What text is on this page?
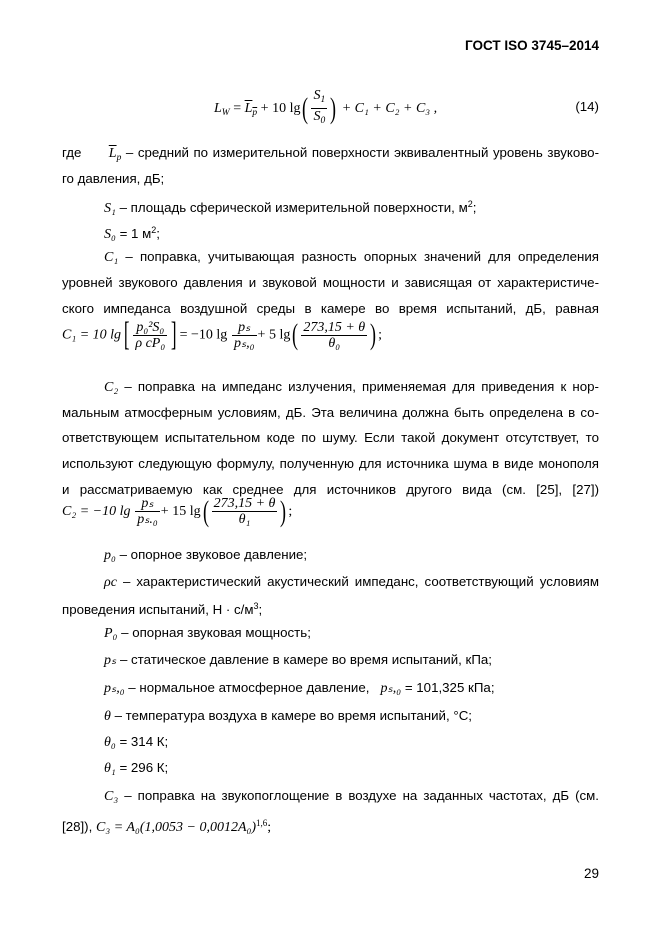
ГОСТ ISO 3745–2014
$L_W = \overline{L}_{\overline{p}} + 10$ $\lg( \frac{S_1}{S_0}$ ) + C₁ + C₂ + C₃ ,	(14)
где $\overline{L}_p$ – средний по измерительной поверхности эквивалентный уровень звуково-
го давления, дБ;
S₁ – площадь сферической измерительной поверхности, $м^2$;
S₀ = 1 $м^2$;
C₁ – поправка, учитывающая разность опорных значений для определения
уровней звукового давления и звуковой мощности и зависящая от характеристиче-
ского импеданса воздушной среды в камере во время испытаний, дБ, равная
C₁ = 10 $\lg[ \frac{\text{p₀²S₀}}{\text{ρ cP₀}}$ ] = −10 $\lg \frac{\text{pₛ}}{\text{pₛ,₀}} + 5$ $\lg( \frac{273,15 + \theta}{\text{θ₀}}$ ) ;
C₂ – поправка на импеданс излучения, применяемая для приведения к нор-
мальным атмосферным условиям, дБ. Эта величина должна быть определена в со-
ответствующем испытательном коде по шуму. Если такой документ отсутствует, то
используют следующую формулу, полученную для источника шума в виде монополя
и рассматриваемую как среднее для источников другого вида (см. [25], [27])
C₂ = −10 $\lg \frac{\text{pₛ}}{\text{pₛ.₀}} + 15$ $\lg( \frac{273,15 + \theta}{\text{θ₁}}$ ) ;
p₀ – опорное звуковое давление;
ρc – характеристический акустический импеданс, соответствующий условиям
проведения испытаний, $Н \cdot с/м^3$;
P₀ – опорная звуковая мощность;
pₛ – статическое давление в камере во время испытаний, кПа;
pₛ,₀ – нормальное атмосферное давление, pₛ,₀ = 101,325 кПа;
θ – температура воздуха в камере во время испытаний, °С;
θ₀ = 314 К;
θ₁ = 296 К;
C₃ – поправка на звукопоглощение в воздухе на заданных частотах, дБ (см.
[28]), $C_3 = A_0(1,0053 - 0,0012A_0)^{1,6}$;
29
